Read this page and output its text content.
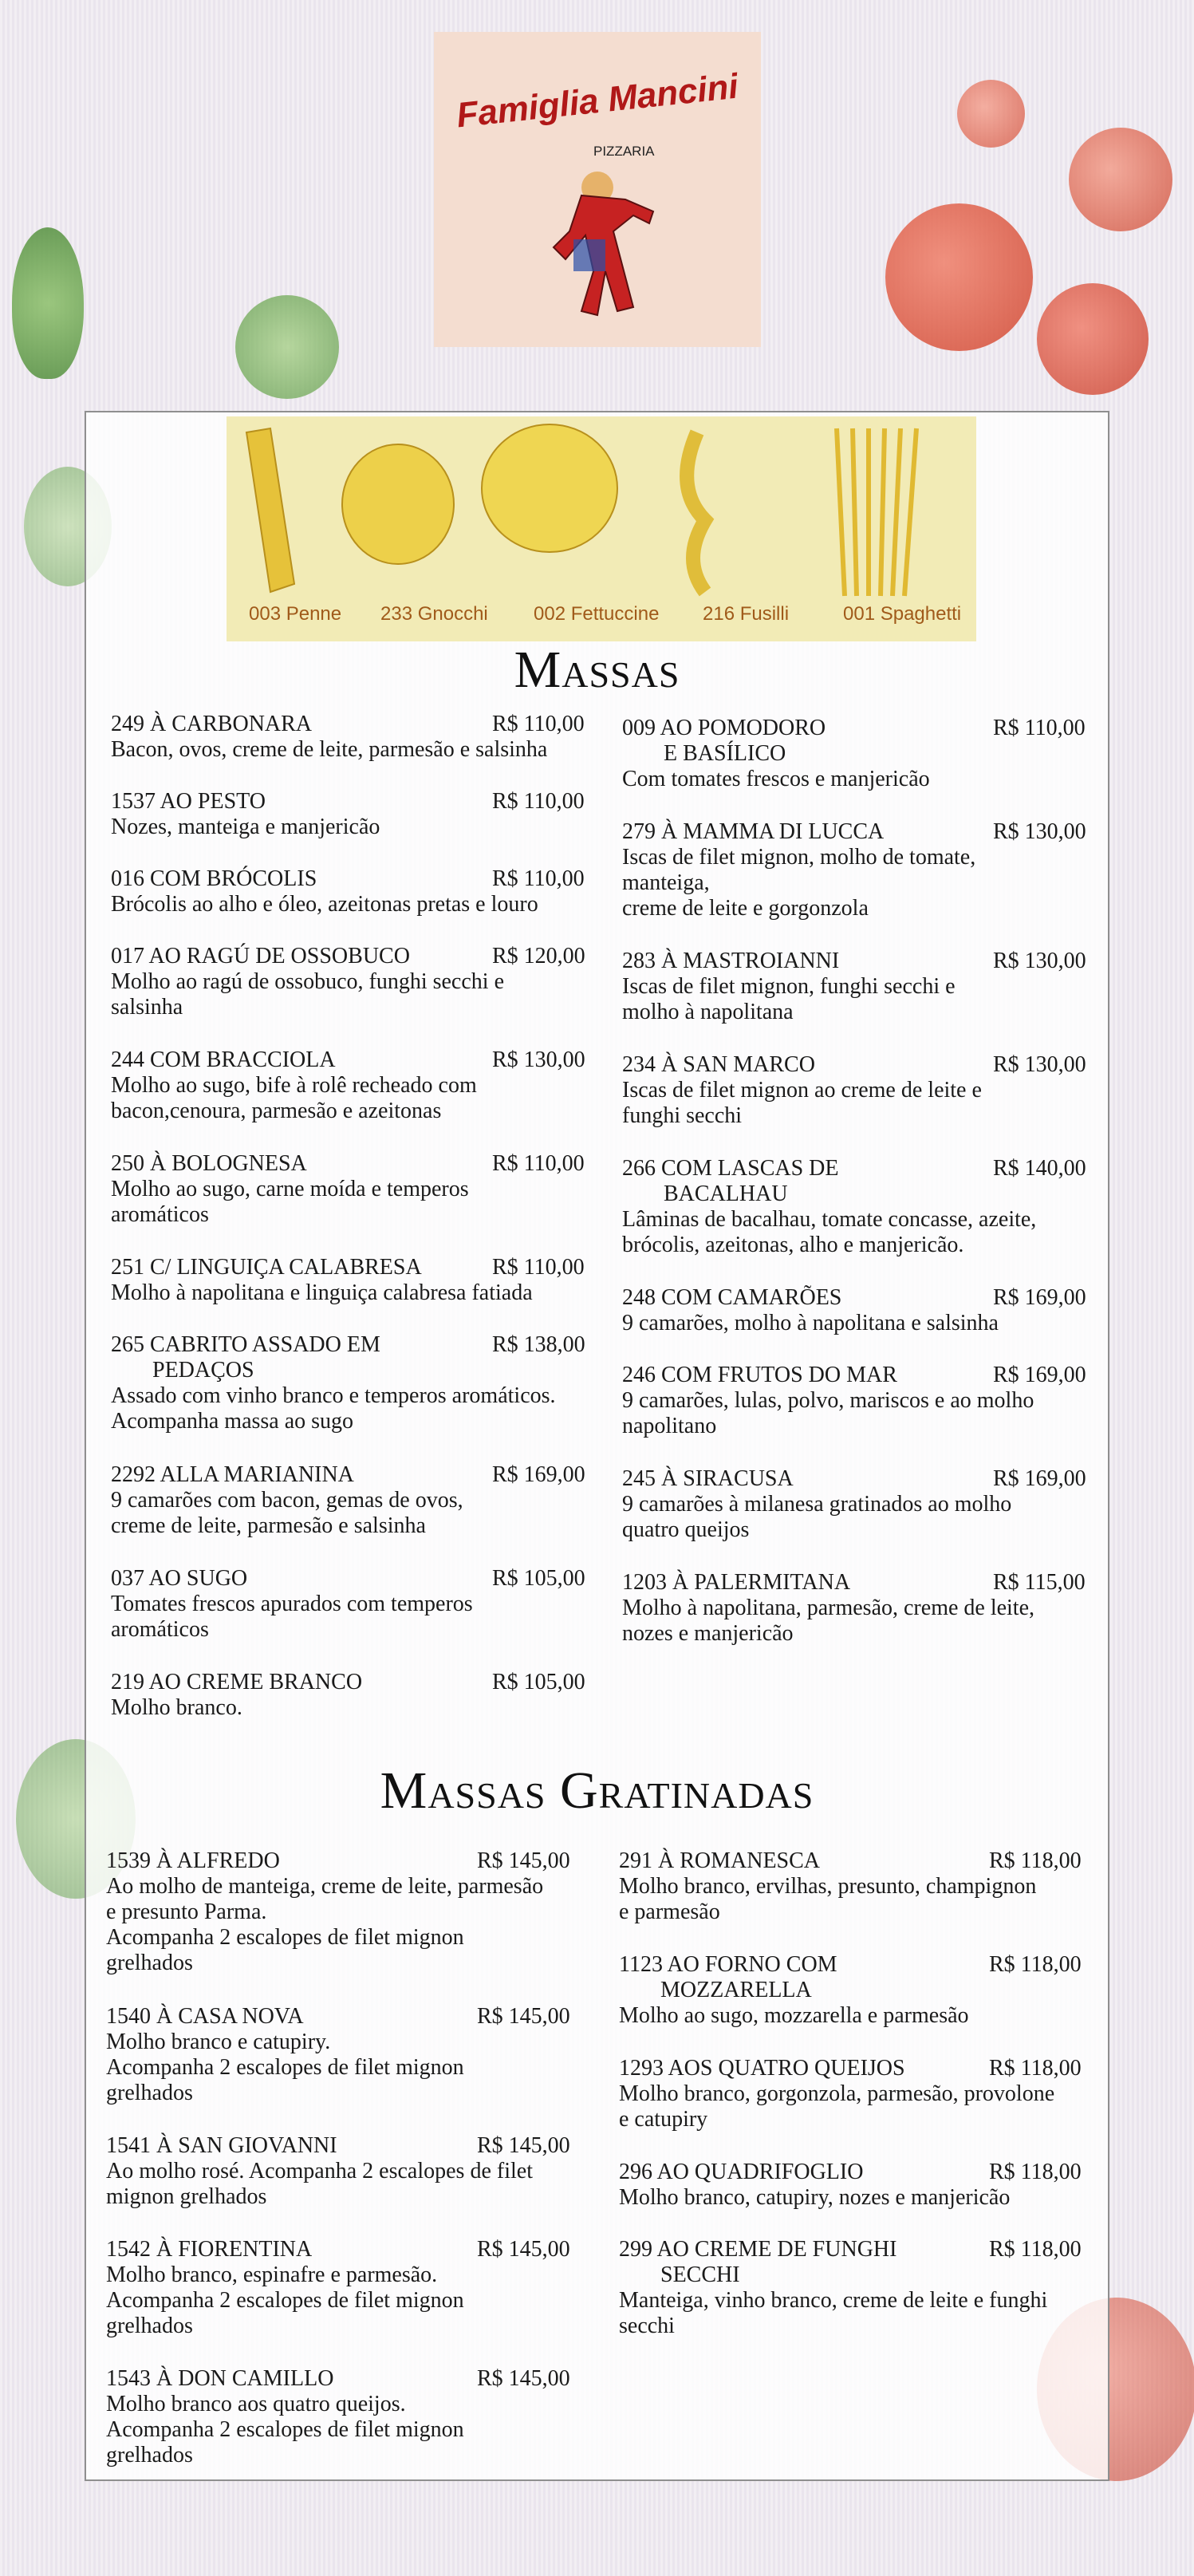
Famiglia Mancini
PIZZARIA
003 Penne 233 Gnocchi 002 Fettuccine 216 Fusilli	001 Spaghetti
Massas
Massas Gratinadas
249 À CARBONARA	R$ 110,00
Bacon, ovos, creme de leite, parmesão e salsinha
1537 AO PESTO	R$ 110,00
Nozes, manteiga e manjericão
016 COM BRÓCOLIS	R$ 110,00
Brócolis ao alho e óleo, azeitonas pretas e louro
017 AO RAGÚ DE OSSOBUCO	R$ 120,00
Molho ao ragú de ossobuco, funghi secchi e
salsinha
244 COM BRACCIOLA	R$ 130,00
Molho ao sugo, bife à rolê recheado com
bacon,cenoura, parmesão e azeitonas
250 À BOLOGNESA	R$ 110,00
Molho ao sugo, carne moída e temperos
aromáticos
251 C/ LINGUIÇA CALABRESA	R$ 110,00
Molho à napolitana e linguiça calabresa fatiada
265 CABRITO ASSADO EM	R$ 138,00
PEDAÇOS
Assado com vinho branco e temperos aromáticos.
Acompanha massa ao sugo
2292 ALLA MARIANINA	R$ 169,00
9 camarões com bacon, gemas de ovos,
creme de leite, parmesão e salsinha
037 AO SUGO	R$ 105,00
Tomates frescos apurados com temperos
aromáticos
219 AO CREME BRANCO	R$ 105,00
Molho branco.
009 AO POMODORO	R$ 110,00
E BASÍLICO
Com tomates frescos e manjericão
279 À MAMMA DI LUCCA	R$ 130,00
Iscas de filet mignon, molho de tomate,
manteiga,
creme de leite e gorgonzola
283 À MASTROIANNI	R$ 130,00
Iscas de filet mignon, funghi secchi e
molho à napolitana
234 À SAN MARCO	R$ 130,00
Iscas de filet mignon ao creme de leite e
funghi secchi
266 COM LASCAS DE	R$ 140,00
BACALHAU
Lâminas de bacalhau, tomate concasse, azeite,
brócolis, azeitonas, alho e manjericão.
248 COM CAMARÕES	R$ 169,00
9 camarões, molho à napolitana e salsinha
246 COM FRUTOS DO MAR	R$ 169,00
9 camarões, lulas, polvo, mariscos e ao molho
napolitano
245 À SIRACUSA	R$ 169,00
9 camarões à milanesa gratinados ao molho
quatro queijos
1203 À PALERMITANA	R$ 115,00
Molho à napolitana, parmesão, creme de leite,
nozes e manjericão
1539 À ALFREDO	R$ 145,00
Ao molho de manteiga, creme de leite, parmesão
e presunto Parma.
Acompanha 2 escalopes de filet mignon
grelhados
1540 À CASA NOVA	R$ 145,00
Molho branco e catupiry.
Acompanha 2 escalopes de filet mignon
grelhados
1541 À SAN GIOVANNI	R$ 145,00
Ao molho rosé. Acompanha 2 escalopes de filet
mignon grelhados
1542 À FIORENTINA	R$ 145,00
Molho branco, espinafre e parmesão.
Acompanha 2 escalopes de filet mignon
grelhados
1543 À DON CAMILLO	R$ 145,00
Molho branco aos quatro queijos.
Acompanha 2 escalopes de filet mignon
grelhados
291 À ROMANESCA	R$ 118,00
Molho branco, ervilhas, presunto, champignon
e parmesão
1123 AO FORNO COM	R$ 118,00
MOZZARELLA
Molho ao sugo, mozzarella e parmesão
1293 AOS QUATRO QUEIJOS	R$ 118,00
Molho branco, gorgonzola, parmesão, provolone
e catupiry
296 AO QUADRIFOGLIO	R$ 118,00
Molho branco, catupiry, nozes e manjericão
299 AO CREME DE FUNGHI	R$ 118,00
SECCHI
Manteiga, vinho branco, creme de leite e funghi
secchi
